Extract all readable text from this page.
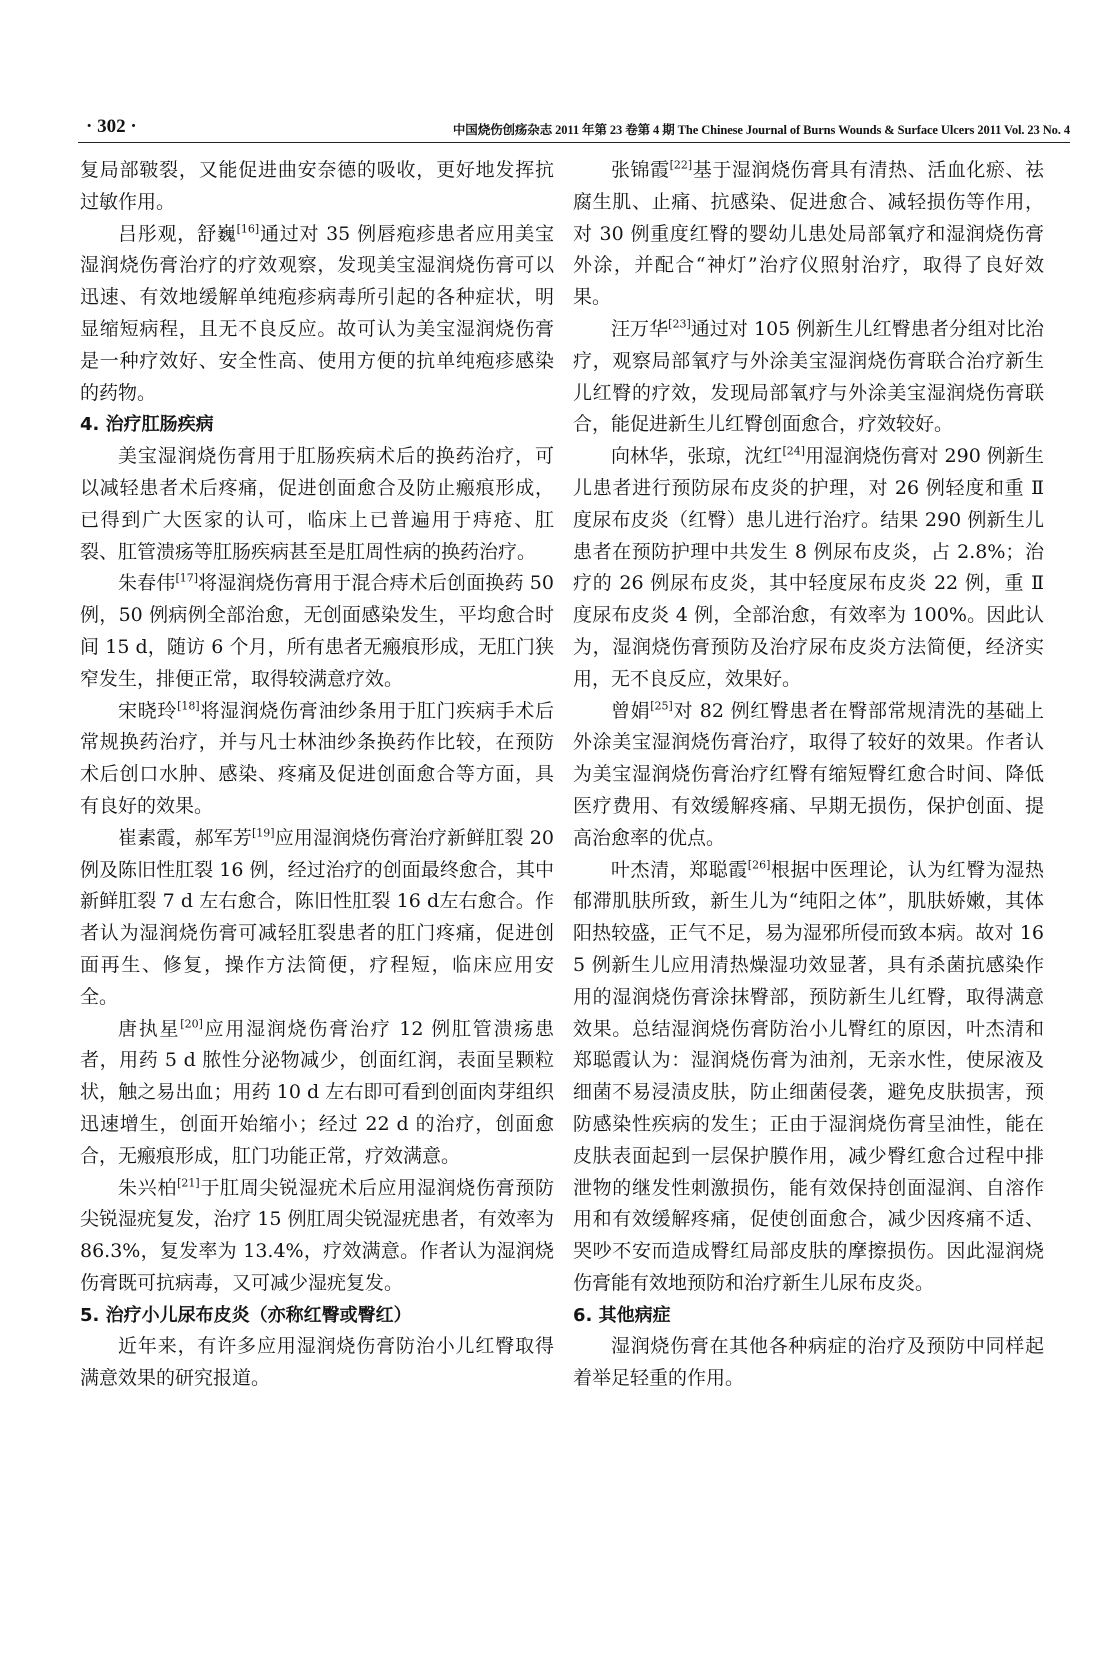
· 302 ·	中国烧伤创疡杂志 2011 年第 23 卷第 4 期 The Chinese Journal of Burns Wounds & Surface Ulcers 2011 Vol. 23 No. 4

复局部皲裂，又能促进曲安奈德的吸收，更好地发挥抗过敏作用。

吕彤观，舒巍[16]通过对 35 例唇疱疹患者应用美宝湿润烧伤膏治疗的疗效观察，发现美宝湿润烧伤膏可以迅速、有效地缓解单纯疱疹病毒所引起的各种症状，明显缩短病程，且无不良反应。故可认为美宝湿润烧伤膏是一种疗效好、安全性高、使用方便的抗单纯疱疹感染的药物。

4. 治疗肛肠疾病

美宝湿润烧伤膏用于肛肠疾病术后的换药治疗，可以减轻患者术后疼痛，促进创面愈合及防止瘢痕形成，已得到广大医家的认可，临床上已普遍用于痔疮、肛裂、肛管溃疡等肛肠疾病甚至是肛周性病的换药治疗。

朱春伟[17]将湿润烧伤膏用于混合痔术后创面换药 50 例，50 例病例全部治愈，无创面感染发生，平均愈合时间 15 d，随访 6 个月，所有患者无瘢痕形成，无肛门狭窄发生，排便正常，取得较满意疗效。

宋晓玲[18]将湿润烧伤膏油纱条用于肛门疾病手术后常规换药治疗，并与凡士林油纱条换药作比较，在预防术后创口水肿、感染、疼痛及促进创面愈合等方面，具有良好的效果。

崔素霞，郝军芳[19]应用湿润烧伤膏治疗新鲜肛裂 20 例及陈旧性肛裂 16 例，经过治疗的创面最终愈合，其中新鲜肛裂 7 d 左右愈合，陈旧性肛裂 16 d左右愈合。作者认为湿润烧伤膏可减轻肛裂患者的肛门疼痛，促进创面再生、修复，操作方法简便，疗程短，临床应用安全。

唐执星[20]应用湿润烧伤膏治疗 12 例肛管溃疡患者，用药 5 d 脓性分泌物减少，创面红润，表面呈颗粒状，触之易出血；用药 10 d 左右即可看到创面肉芽组织迅速增生，创面开始缩小；经过 22 d 的治疗，创面愈合，无瘢痕形成，肛门功能正常，疗效满意。

朱兴柏[21]于肛周尖锐湿疣术后应用湿润烧伤膏预防尖锐湿疣复发，治疗 15 例肛周尖锐湿疣患者，有效率为 86.3%，复发率为 13.4%，疗效满意。作者认为湿润烧伤膏既可抗病毒，又可减少湿疣复发。

5. 治疗小儿尿布皮炎（亦称红臀或臀红）

近年来，有许多应用湿润烧伤膏防治小儿红臀取得满意效果的研究报道。

张锦霞[22]基于湿润烧伤膏具有清热、活血化瘀、祛腐生肌、止痛、抗感染、促进愈合、减轻损伤等作用，对 30 例重度红臀的婴幼儿患处局部氧疗和湿润烧伤膏外涂，并配合“神灯”治疗仪照射治疗，取得了良好效果。

汪万华[23]通过对 105 例新生儿红臀患者分组对比治疗，观察局部氧疗与外涂美宝湿润烧伤膏联合治疗新生儿红臀的疗效，发现局部氧疗与外涂美宝湿润烧伤膏联合，能促进新生儿红臀创面愈合，疗效较好。

向林华，张琼，沈红[24]用湿润烧伤膏对 290 例新生儿患者进行预防尿布皮炎的护理，对 26 例轻度和重 Ⅱ 度尿布皮炎（红臀）患儿进行治疗。结果 290 例新生儿患者在预防护理中共发生 8 例尿布皮炎，占 2.8%；治疗的 26 例尿布皮炎，其中轻度尿布皮炎 22 例，重 Ⅱ 度尿布皮炎 4 例，全部治愈，有效率为 100%。因此认为，湿润烧伤膏预防及治疗尿布皮炎方法简便，经济实用，无不良反应，效果好。

曾娟[25]对 82 例红臀患者在臀部常规清洗的基础上外涂美宝湿润烧伤膏治疗，取得了较好的效果。作者认为美宝湿润烧伤膏治疗红臀有缩短臀红愈合时间、降低医疗费用、有效缓解疼痛、早期无损伤，保护创面、提高治愈率的优点。

叶杰清，郑聪霞[26]根据中医理论，认为红臀为湿热郁滞肌肤所致，新生儿为“纯阳之体”，肌肤娇嫩，其体阳热较盛，正气不足，易为湿邪所侵而致本病。故对 165 例新生儿应用清热燥湿功效显著，具有杀菌抗感染作用的湿润烧伤膏涂抹臀部，预防新生儿红臀，取得满意效果。总结湿润烧伤膏防治小儿臀红的原因，叶杰清和郑聪霞认为：湿润烧伤膏为油剂，无亲水性，使尿液及细菌不易浸渍皮肤，防止细菌侵袭，避免皮肤损害，预防感染性疾病的发生；正由于湿润烧伤膏呈油性，能在皮肤表面起到一层保护膜作用，减少臀红愈合过程中排泄物的继发性刺激损伤，能有效保持创面湿润、自溶作用和有效缓解疼痛，促使创面愈合，减少因疼痛不适、哭吵不安而造成臀红局部皮肤的摩擦损伤。因此湿润烧伤膏能有效地预防和治疗新生儿尿布皮炎。

6. 其他病症

湿润烧伤膏在其他各种病症的治疗及预防中同样起着举足轻重的作用。
